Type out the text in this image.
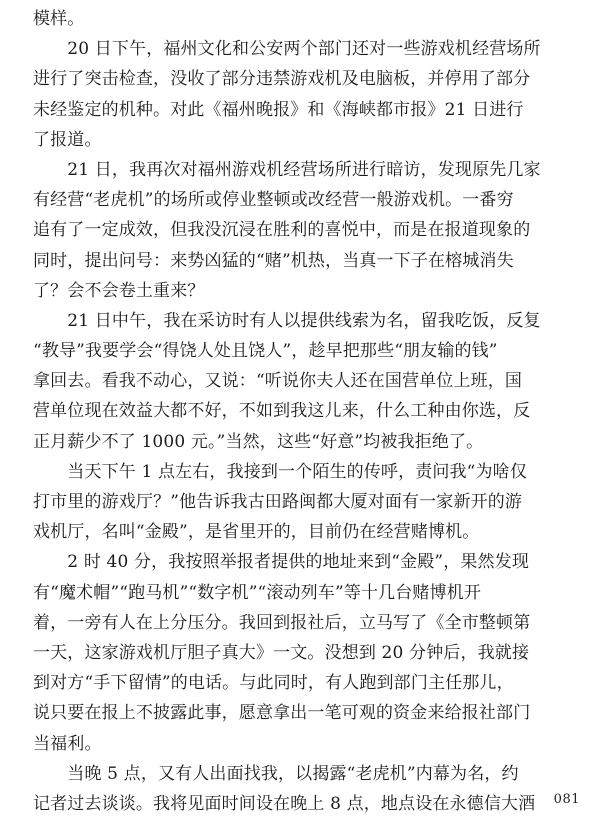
模样。

　　20 日下午，福州文化和公安两个部门还对一些游戏机经营场所
进行了突击检查，没收了部分违禁游戏机及电脑板，并停用了部分
未经鉴定的机种。对此《福州晚报》和《海峡都市报》21 日进行
了报道。

　　21 日，我再次对福州游戏机经营场所进行暗访，发现原先几家
有经营“老虎机”的场所或停业整顿或改经营一般游戏机。一番穷
追有了一定成效，但我没沉浸在胜利的喜悦中，而是在报道现象的
同时，提出问号：来势凶猛的“赌”机热，当真一下子在榕城消失
了？会不会卷土重来？

　　21 日中午，我在采访时有人以提供线索为名，留我吃饭，反复
“教导”我要学会“得饶人处且饶人”，趁早把那些“朋友输的钱”
拿回去。看我不动心，又说：“听说你夫人还在国营单位上班，国
营单位现在效益大都不好，不如到我这儿来，什么工种由你选，反
正月薪少不了 1000 元。”当然，这些“好意”均被我拒绝了。

　　当天下午 1 点左右，我接到一个陌生的传呼，责问我“为啥仅
打市里的游戏厅？”他告诉我古田路闽都大厦对面有一家新开的游
戏机厅，名叫“金殿”，是省里开的，目前仍在经营赌博机。

　　2 时 40 分，我按照举报者提供的地址来到“金殿”，果然发现
有“魔术帽”“跑马机”“数字机”“滚动列车”等十几台赌博机开
着，一旁有人在上分压分。我回到报社后，立马写了《全市整顿第
一天，这家游戏机厅胆子真大》一文。没想到 20 分钟后，我就接
到对方“手下留情”的电话。与此同时，有人跑到部门主任那儿，
说只要在报上不披露此事，愿意拿出一笔可观的资金来给报社部门
当福利。

　　当晚 5 点，又有人出面找我，以揭露“老虎机”内幕为名，约
记者过去谈谈。我将见面时间设在晚上 8 点，地点设在永德信大酒	081
